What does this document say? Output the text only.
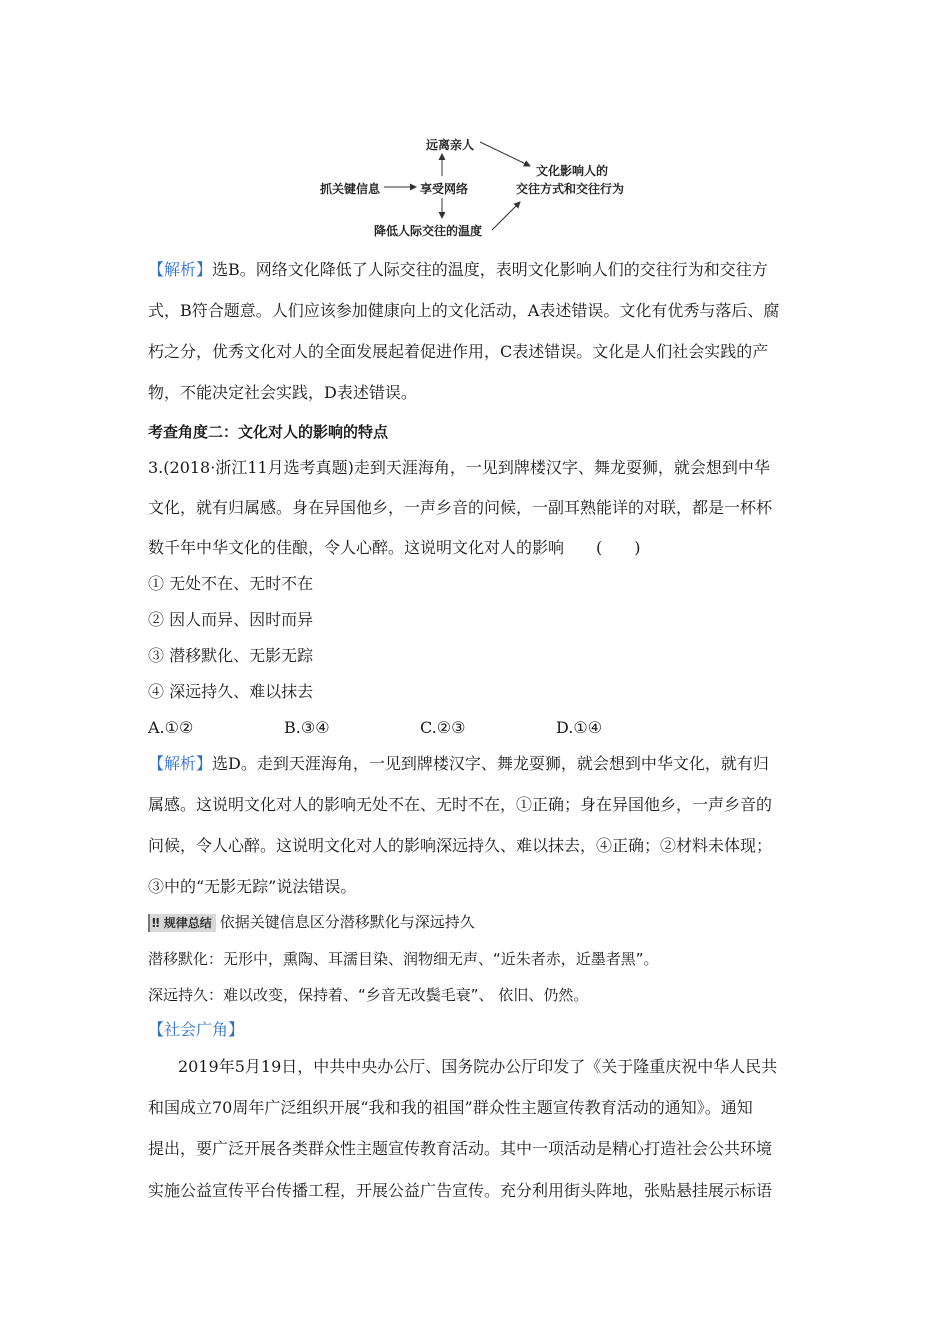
远离亲人
抓关键信息	享受网络
降低人际交往的温度
文化影响人的
交往方式和交往行为
【解析】选B。网络文化降低了人际交往的温度，表明文化影响人们的交往行为和交往方
式，B符合题意。人们应该参加健康向上的文化活动，A表述错误。文化有优秀与落后、腐
朽之分，优秀文化对人的全面发展起着促进作用，C表述错误。文化是人们社会实践的产
物，不能决定社会实践，D表述错误。
考查角度二：文化对人的影响的特点
3.(2018·浙江11月选考真题)走到天涯海角，一见到牌楼汉字、舞龙耍狮，就会想到中华
文化，就有归属感。身在异国他乡，一声乡音的问候，一副耳熟能详的对联，都是一杯杯
数千年中华文化的佳酿，令人心醉。这说明文化对人的影响　　(　　)
① 无处不在、无时不在
② 因人而异、因时而异
③ 潜移默化、无影无踪
④ 深远持久、难以抹去
A.①②	B.③④	C.②③	D.①④
【解析】选D。走到天涯海角，一见到牌楼汉字、舞龙耍狮，就会想到中华文化，就有归
属感。这说明文化对人的影响无处不在、无时不在，①正确；身在异国他乡，一声乡音的
问候，令人心醉。这说明文化对人的影响深远持久、难以抹去，④正确；②材料未体现；
③中的“无影无踪”说法错误。
‼ 规律总结 依据关键信息区分潜移默化与深远持久
潜移默化：无形中，熏陶、耳濡目染、润物细无声、“近朱者赤，近墨者黑”。
深远持久：难以改变，保持着、“乡音无改鬓毛衰”、 依旧、仍然。
【社会广角】
2019年5月19日，中共中央办公厅、国务院办公厅印发了《关于隆重庆祝中华人民共
和国成立70周年广泛组织开展“我和我的祖国”群众性主题宣传教育活动的通知》。通知
提出，要广泛开展各类群众性主题宣传教育活动。其中一项活动是精心打造社会公共环境
实施公益宣传平台传播工程，开展公益广告宣传。充分利用街头阵地，张贴悬挂展示标语
